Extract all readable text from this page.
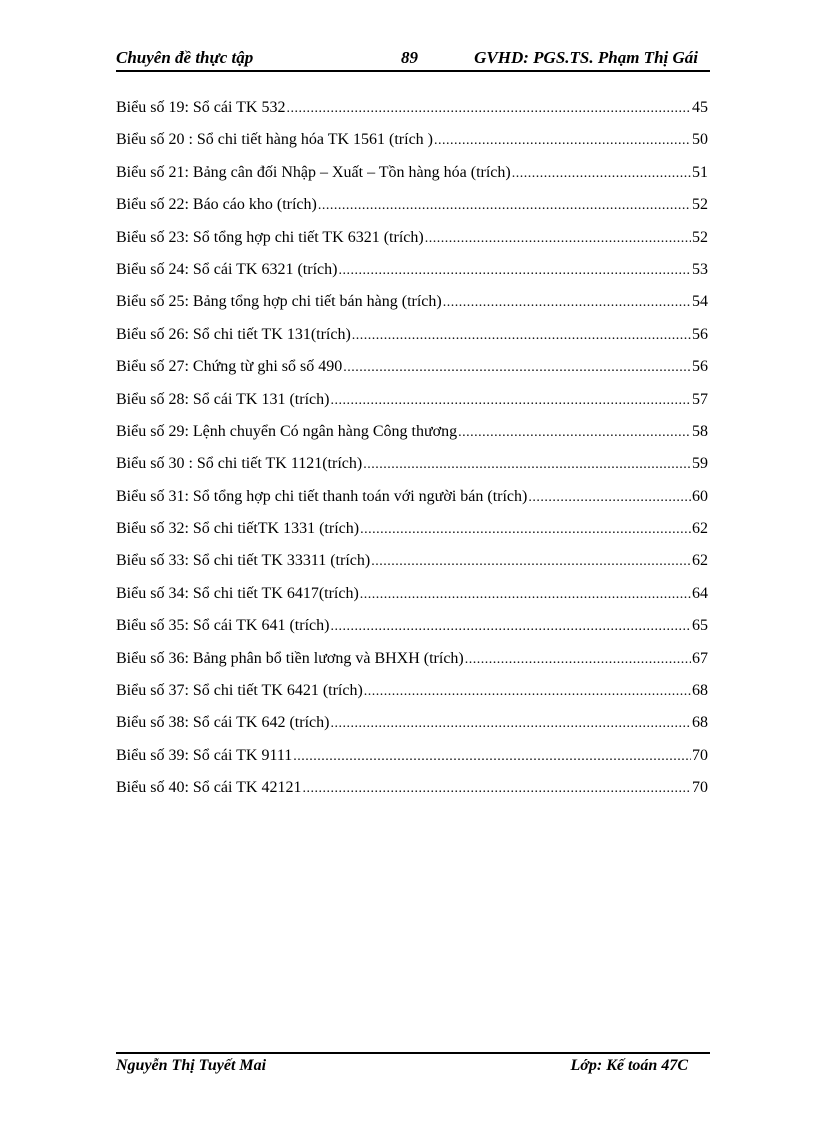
Chuyên đề thực tập	89	GVHD: PGS.TS. Phạm Thị Gái
Biểu số 19: Sổ cái TK 532 .....	45
Biểu số 20 : Sổ chi tiết hàng hóa TK 1561 (trích ) .....	50
Biểu số 21: Bảng cân đối Nhập – Xuất – Tồn hàng hóa (trích) .....	51
Biểu số 22: Báo cáo kho (trích) .....	52
Biểu số 23: Sổ tổng hợp chi tiết TK 6321 (trích) .....	52
Biểu số 24: Sổ cái TK 6321 (trích) .....	53
Biểu số 25: Bảng tổng hợp chi tiết bán hàng (trích) .....	54
Biểu số 26: Sổ chi tiết TK 131(trích) .....	56
Biểu số 27: Chứng từ ghi sổ số 490 .....	56
Biểu số 28: Sổ cái TK 131 (trích) .....	57
Biểu số 29: Lệnh chuyển Có ngân hàng Công thương .....	58
Biểu số 30 : Sổ chi tiết TK 1121(trích) .....	59
Biểu số 31: Sổ tổng hợp chi tiết thanh toán với người bán (trích) .....	60
Biểu số 32: Sổ chi tiếtTK 1331 (trích) .....	62
Biểu số 33: Sổ chi tiết TK 33311 (trích) .....	62
Biểu số 34: Sổ chi tiết TK 6417(trích) .....	64
Biểu số 35: Sổ cái TK 641 (trích) .....	65
Biểu số 36: Bảng phân bổ tiền lương và BHXH (trích) .....	67
Biểu số 37: Sổ chi tiết TK 6421 (trích) .....	68
Biểu số 38: Sổ cái TK 642 (trích) .....	68
Biểu số 39: Sổ cái TK 9111 .....	70
Biểu số 40: Sổ cái TK 42121 .....	70
Nguyễn Thị Tuyết Mai	Lớp: Kế toán 47C
